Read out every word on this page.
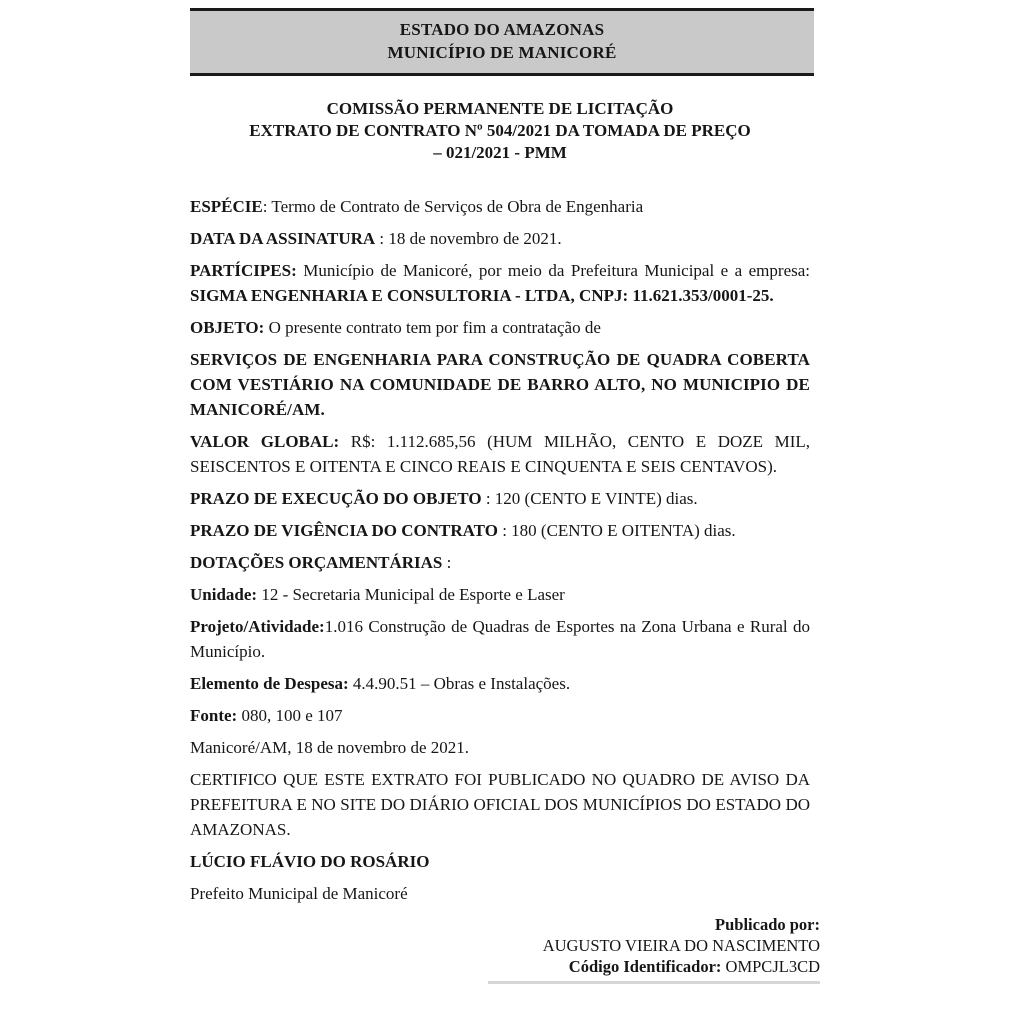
ESTADO DO AMAZONAS
MUNICÍPIO DE MANICORÉ
COMISSÃO PERMANENTE DE LICITAÇÃO
EXTRATO DE CONTRATO Nº 504/2021 DA TOMADA DE PREÇO
– 021/2021 - PMM

ESPÉCIE: Termo de Contrato de Serviços de Obra de Engenharia

DATA DA ASSINATURA : 18 de novembro de 2021.

PARTÍCIPES: Município de Manicoré, por meio da Prefeitura Municipal e a empresa: SIGMA ENGENHARIA E CONSULTORIA - LTDA, CNPJ: 11.621.353/0001-25.

OBJETO: O presente contrato tem por fim a contratação de

SERVIÇOS DE ENGENHARIA PARA CONSTRUÇÃO DE QUADRA COBERTA COM VESTIÁRIO NA COMUNIDADE DE BARRO ALTO, NO MUNICIPIO DE MANICORÉ/AM.

VALOR GLOBAL: R$: 1.112.685,56 (HUM MILHÃO, CENTO E DOZE MIL, SEISCENTOS E OITENTA E CINCO REAIS E CINQUENTA E SEIS CENTAVOS).

PRAZO DE EXECUÇÃO DO OBJETO : 120 (CENTO E VINTE) dias.

PRAZO DE VIGÊNCIA DO CONTRATO : 180 (CENTO E OITENTA) dias.

DOTAÇÕES ORÇAMENTÁRIAS :

Unidade: 12 - Secretaria Municipal de Esporte e Laser

Projeto/Atividade:1.016 Construção de Quadras de Esportes na Zona Urbana e Rural do Município.

Elemento de Despesa: 4.4.90.51 – Obras e Instalações.

Fonte: 080, 100 e 107

Manicoré/AM, 18 de novembro de 2021.

CERTIFICO QUE ESTE EXTRATO FOI PUBLICADO NO QUADRO DE AVISO DA PREFEITURA E NO SITE DO DIÁRIO OFICIAL DOS MUNICÍPIOS DO ESTADO DO AMAZONAS.

LÚCIO FLÁVIO DO ROSÁRIO

Prefeito Municipal de Manicoré

Publicado por:
AUGUSTO VIEIRA DO NASCIMENTO
Código Identificador: OMPCJL3CD
